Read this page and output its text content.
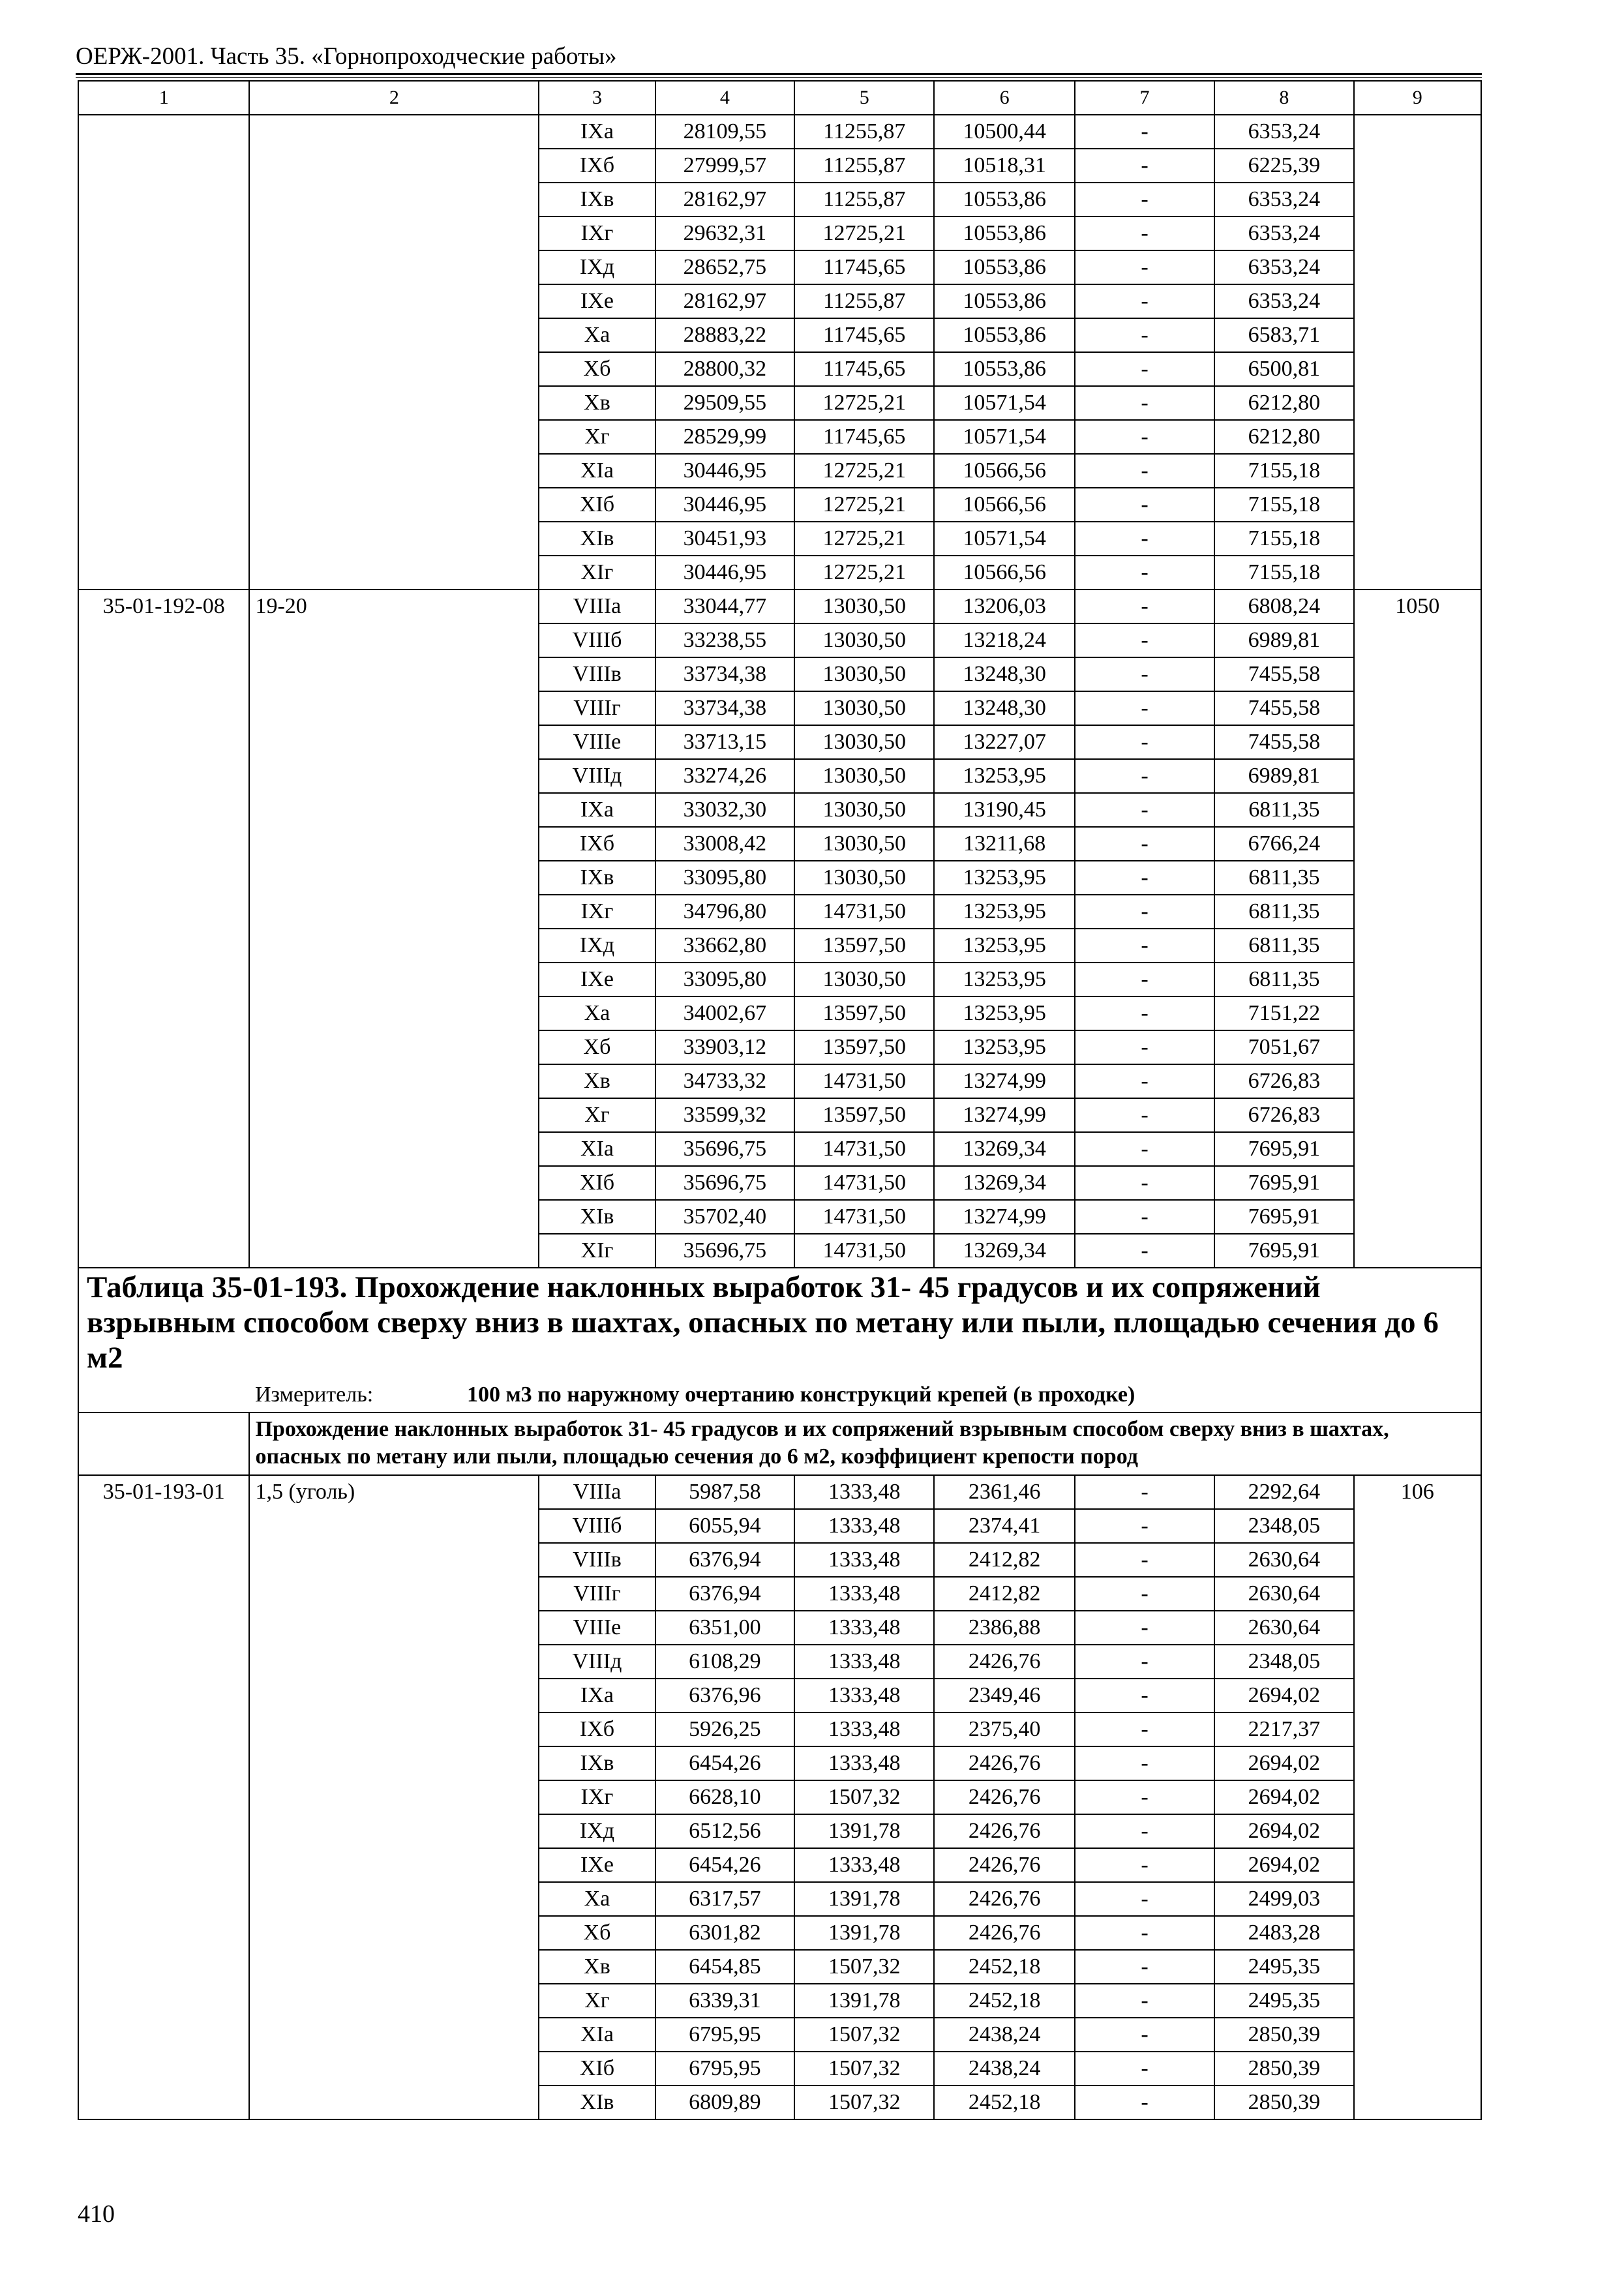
ОЕРЖ-2001. Часть 35. «Горнопроходческие работы»
1	2	3	4	5	6	7	8	9
		IХа	28109,55	11255,87	10500,44	-	6353,24	
		IХб	27999,57	11255,87	10518,31	-	6225,39	
		IХв	28162,97	11255,87	10553,86	-	6353,24	
		IХг	29632,31	12725,21	10553,86	-	6353,24	
		IХд	28652,75	11745,65	10553,86	-	6353,24	
		IХе	28162,97	11255,87	10553,86	-	6353,24	
		Ха	28883,22	11745,65	10553,86	-	6583,71	
		Хб	28800,32	11745,65	10553,86	-	6500,81	
		Хв	29509,55	12725,21	10571,54	-	6212,80	
		Хг	28529,99	11745,65	10571,54	-	6212,80	
		ХIа	30446,95	12725,21	10566,56	-	7155,18	
		ХIб	30446,95	12725,21	10566,56	-	7155,18	
		ХIв	30451,93	12725,21	10571,54	-	7155,18	
		ХIг	30446,95	12725,21	10566,56	-	7155,18	
35-01-192-08	19-20	VIIIа	33044,77	13030,50	13206,03	-	6808,24	1050
		VIIIб	33238,55	13030,50	13218,24	-	6989,81	
		VIIIв	33734,38	13030,50	13248,30	-	7455,58	
		VIIIг	33734,38	13030,50	13248,30	-	7455,58	
		VIIIе	33713,15	13030,50	13227,07	-	7455,58	
		VIIIд	33274,26	13030,50	13253,95	-	6989,81	
		IХа	33032,30	13030,50	13190,45	-	6811,35	
		IХб	33008,42	13030,50	13211,68	-	6766,24	
		IХв	33095,80	13030,50	13253,95	-	6811,35	
		IХг	34796,80	14731,50	13253,95	-	6811,35	
		IХд	33662,80	13597,50	13253,95	-	6811,35	
		IХе	33095,80	13030,50	13253,95	-	6811,35	
		Ха	34002,67	13597,50	13253,95	-	7151,22	
		Хб	33903,12	13597,50	13253,95	-	7051,67	
		Хв	34733,32	14731,50	13274,99	-	6726,83	
		Хг	33599,32	13597,50	13274,99	-	6726,83	
		ХIа	35696,75	14731,50	13269,34	-	7695,91	
		ХIб	35696,75	14731,50	13269,34	-	7695,91	
		ХIв	35702,40	14731,50	13274,99	-	7695,91	
		ХIг	35696,75	14731,50	13269,34	-	7695,91	

Таблица 35-01-193. Прохождение наклонных выработок 31- 45 градусов и их сопряжений взрывным способом сверху вниз в шахтах, опасных по метану или пыли, площадью сечения до 6 м2
Измеритель: 100 м3 по наружному очертанию конструкций крепей (в проходке)								

	Прохождение наклонных выработок 31- 45 градусов и их сопряжений взрывным способом сверху вниз в шахтах, опасных по метану или пыли, площадью сечения до 6 м2, коэффициент крепости пород							
35-01-193-01	1,5 (уголь)	VIIIа	5987,58	1333,48	2361,46	-	2292,64	106
		VIIIб	6055,94	1333,48	2374,41	-	2348,05	
		VIIIв	6376,94	1333,48	2412,82	-	2630,64	
		VIIIг	6376,94	1333,48	2412,82	-	2630,64	
		VIIIе	6351,00	1333,48	2386,88	-	2630,64	
		VIIIд	6108,29	1333,48	2426,76	-	2348,05	
		IХа	6376,96	1333,48	2349,46	-	2694,02	
		IХб	5926,25	1333,48	2375,40	-	2217,37	
		IХв	6454,26	1333,48	2426,76	-	2694,02	
		IХг	6628,10	1507,32	2426,76	-	2694,02	
		IХд	6512,56	1391,78	2426,76	-	2694,02	
		IХе	6454,26	1333,48	2426,76	-	2694,02	
		Ха	6317,57	1391,78	2426,76	-	2499,03	
		Хб	6301,82	1391,78	2426,76	-	2483,28	
		Хв	6454,85	1507,32	2452,18	-	2495,35	
		Хг	6339,31	1391,78	2452,18	-	2495,35	
		ХIа	6795,95	1507,32	2438,24	-	2850,39	
		ХIб	6795,95	1507,32	2438,24	-	2850,39	
		ХIв	6809,89	1507,32	2452,18	-	2850,39	
410
